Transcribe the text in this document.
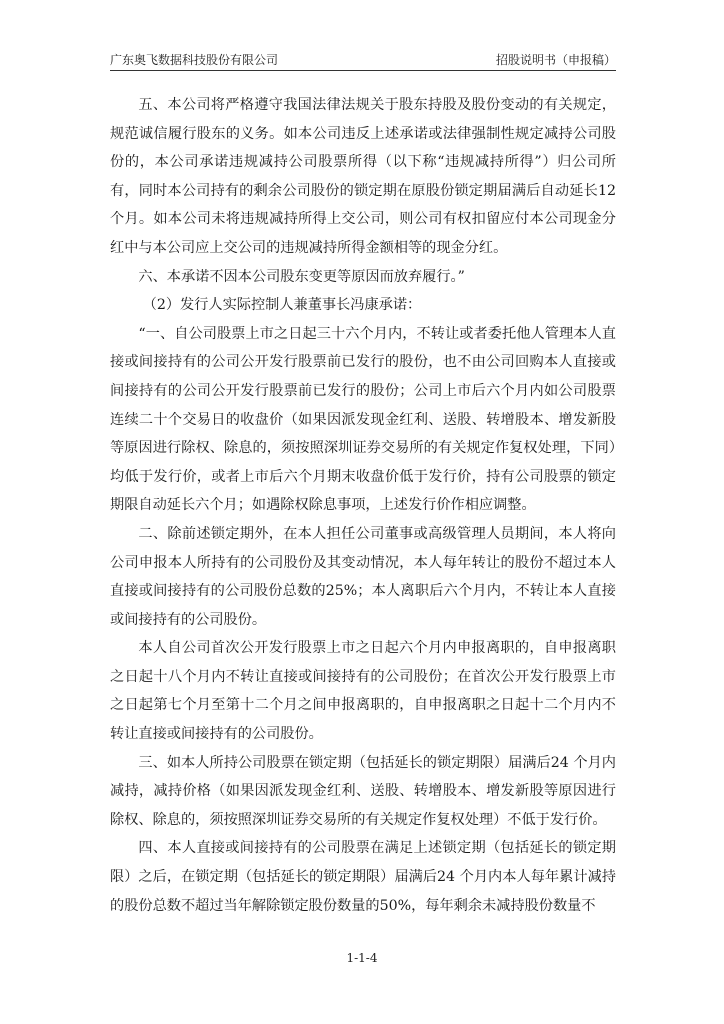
广东奥飞数据科技股份有限公司	招股说明书（申报稿）

五、本公司将严格遵守我国法律法规关于股东持股及股份变动的有关规定，规范诚信履行股东的义务。如本公司违反上述承诺或法律强制性规定减持公司股份的，本公司承诺违规减持公司股票所得（以下称“违规减持所得”）归公司所有，同时本公司持有的剩余公司股份的锁定期在原股份锁定期届满后自动延长12 个月。如本公司未将违规减持所得上交公司，则公司有权扣留应付本公司现金分红中与本公司应上交公司的违规减持所得金额相等的现金分红。

六、本承诺不因本公司股东变更等原因而放弃履行。”

（2）发行人实际控制人兼董事长冯康承诺：

“一、自公司股票上市之日起三十六个月内，不转让或者委托他人管理本人直接或间接持有的公司公开发行股票前已发行的股份，也不由公司回购本人直接或间接持有的公司公开发行股票前已发行的股份；公司上市后六个月内如公司股票连续二十个交易日的收盘价（如果因派发现金红利、送股、转增股本、增发新股等原因进行除权、除息的，须按照深圳证券交易所的有关规定作复权处理，下同）均低于发行价，或者上市后六个月期末收盘价低于发行价，持有公司股票的锁定期限自动延长六个月；如遇除权除息事项，上述发行价作相应调整。

二、除前述锁定期外，在本人担任公司董事或高级管理人员期间，本人将向公司申报本人所持有的公司股份及其变动情况，本人每年转让的股份不超过本人直接或间接持有的公司股份总数的25%；本人离职后六个月内，不转让本人直接或间接持有的公司股份。

本人自公司首次公开发行股票上市之日起六个月内申报离职的，自申报离职之日起十八个月内不转让直接或间接持有的公司股份；在首次公开发行股票上市之日起第七个月至第十二个月之间申报离职的，自申报离职之日起十二个月内不转让直接或间接持有的公司股份。

三、如本人所持公司股票在锁定期（包括延长的锁定期限）届满后24 个月内减持，减持价格（如果因派发现金红利、送股、转增股本、增发新股等原因进行除权、除息的，须按照深圳证券交易所的有关规定作复权处理）不低于发行价。

四、本人直接或间接持有的公司股票在满足上述锁定期（包括延长的锁定期限）之后，在锁定期（包括延长的锁定期限）届满后24 个月内本人每年累计减持的股份总数不超过当年解除锁定股份数量的50%，每年剩余未减持股份数量不

1-1-4
